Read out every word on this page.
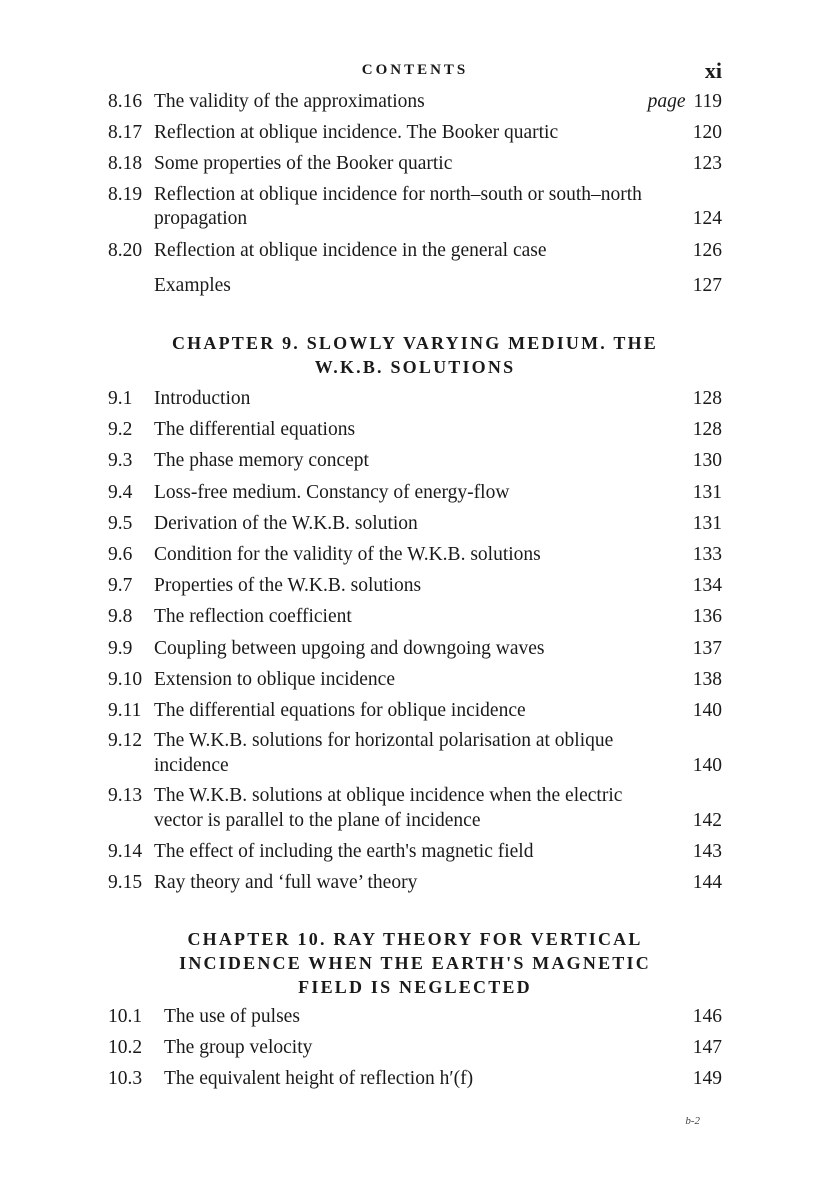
CONTENTS	xi
8.16 The validity of the approximations	page 119
8.17 Reflection at oblique incidence. The Booker quartic	120
8.18 Some properties of the Booker quartic	123
8.19 Reflection at oblique incidence for north–south or south–north propagation	124
8.20 Reflection at oblique incidence in the general case	126
Examples	127
CHAPTER 9. SLOWLY VARYING MEDIUM. THE W.K.B. SOLUTIONS
9.1 Introduction	128
9.2 The differential equations	128
9.3 The phase memory concept	130
9.4 Loss-free medium. Constancy of energy-flow	131
9.5 Derivation of the W.K.B. solution	131
9.6 Condition for the validity of the W.K.B. solutions	133
9.7 Properties of the W.K.B. solutions	134
9.8 The reflection coefficient	136
9.9 Coupling between upgoing and downgoing waves	137
9.10 Extension to oblique incidence	138
9.11 The differential equations for oblique incidence	140
9.12 The W.K.B. solutions for horizontal polarisation at oblique incidence	140
9.13 The W.K.B. solutions at oblique incidence when the electric vector is parallel to the plane of incidence	142
9.14 The effect of including the earth's magnetic field	143
9.15 Ray theory and ‘full wave’ theory	144
CHAPTER 10. RAY THEORY FOR VERTICAL INCIDENCE WHEN THE EARTH'S MAGNETIC FIELD IS NEGLECTED
10.1 The use of pulses	146
10.2 The group velocity	147
10.3 The equivalent height of reflection h′(f)	149
b-2
